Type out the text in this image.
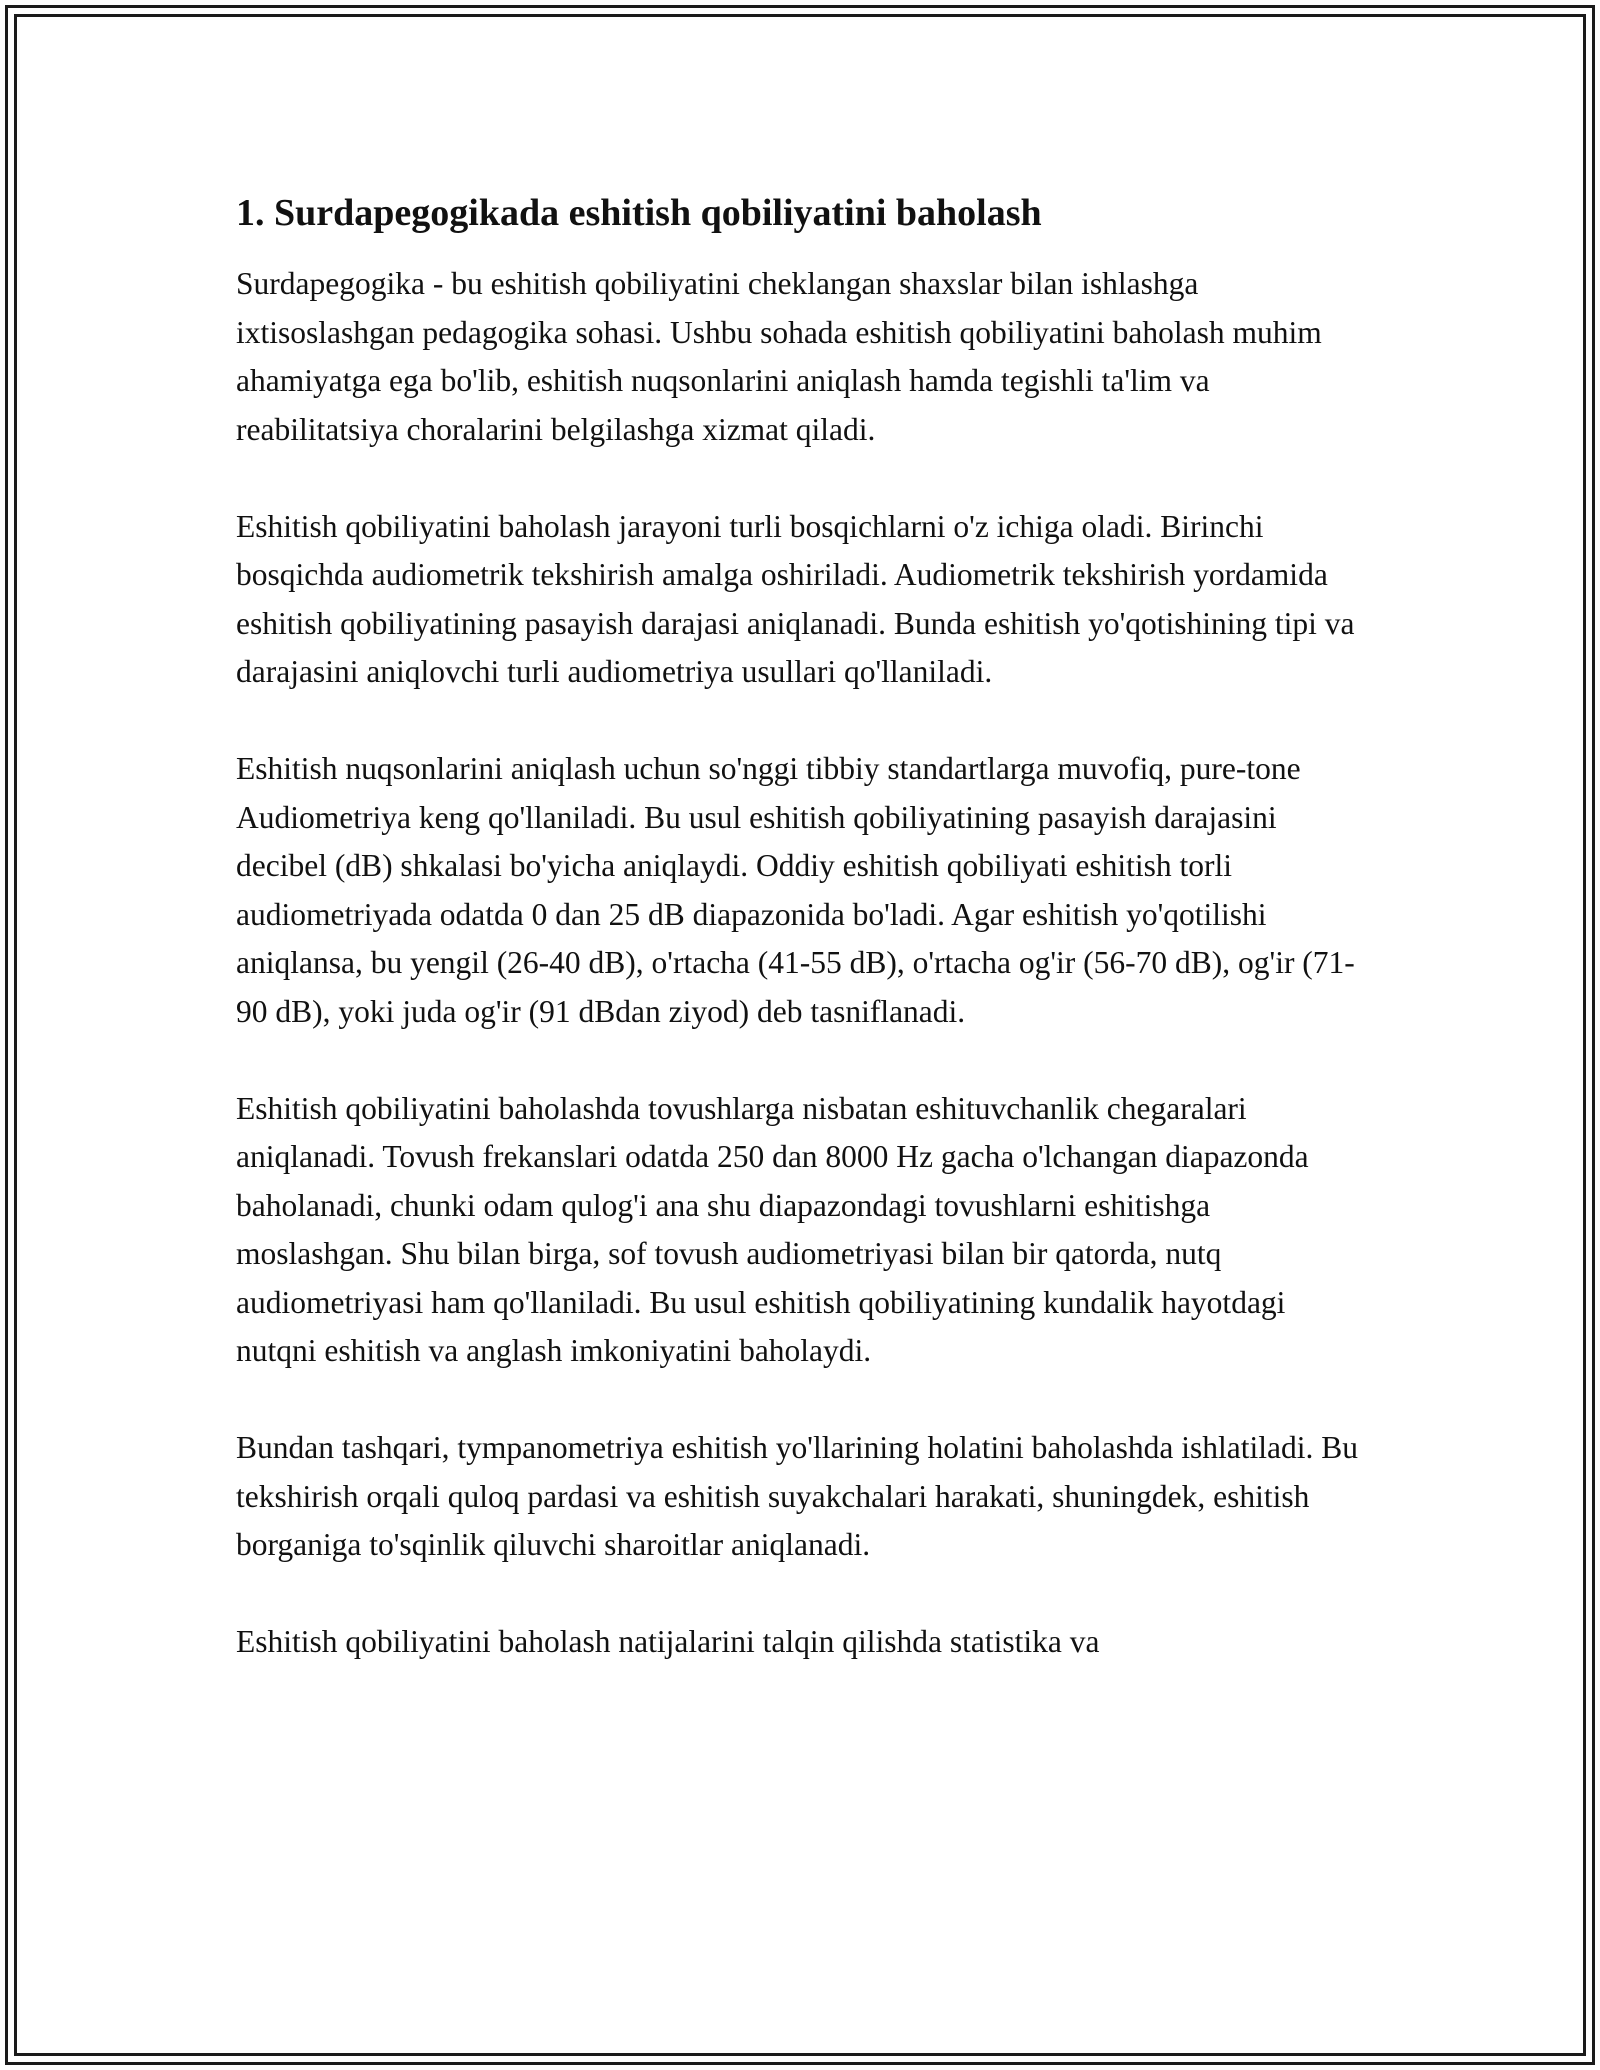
1. Surdapegogikada eshitish qobiliyatini baholash

Surdapegogika - bu eshitish qobiliyatini cheklangan shaxslar bilan ishlashga ixtisoslashgan pedagogika sohasi. Ushbu sohada eshitish qobiliyatini baholash muhim ahamiyatga ega bo'lib, eshitish nuqsonlarini aniqlash hamda tegishli ta'lim va reabilitatsiya choralarini belgilashga xizmat qiladi.

Eshitish qobiliyatini baholash jarayoni turli bosqichlarni o'z ichiga oladi. Birinchi bosqichda audiometrik tekshirish amalga oshiriladi. Audiometrik tekshirish yordamida eshitish qobiliyatining pasayish darajasi aniqlanadi. Bunda eshitish yo'qotishining tipi va darajasini aniqlovchi turli audiometriya usullari qo'llaniladi.

Eshitish nuqsonlarini aniqlash uchun so'nggi tibbiy standartlarga muvofiq, pure-tone Audiometriya keng qo'llaniladi. Bu usul eshitish qobiliyatining pasayish darajasini decibel (dB) shkalasi bo'yicha aniqlaydi. Oddiy eshitish qobiliyati eshitish torli audiometriyada odatda 0 dan 25 dB diapazonida bo'ladi. Agar eshitish yo'qotilishi aniqlansa, bu yengil (26-40 dB), o'rtacha (41-55 dB), o'rtacha og'ir (56-70 dB), og'ir (71-90 dB), yoki juda og'ir (91 dBdan ziyod) deb tasniflanadi.

Eshitish qobiliyatini baholashda tovushlarga nisbatan eshituvchanlik chegaralari aniqlanadi. Tovush frekanslari odatda 250 dan 8000 Hz gacha o'lchangan diapazonda baholanadi, chunki odam qulog'i ana shu diapazondagi tovushlarni eshitishga moslashgan. Shu bilan birga, sof tovush audiometriyasi bilan bir qatorda, nutq audiometriyasi ham qo'llaniladi. Bu usul eshitish qobiliyatining kundalik hayotdagi nutqni eshitish va anglash imkoniyatini baholaydi.

Bundan tashqari, tympanometriya eshitish yo'llarining holatini baholashda ishlatiladi. Bu tekshirish orqali quloq pardasi va eshitish suyakchalari harakati, shuningdek, eshitish borganiga to'sqinlik qiluvchi sharoitlar aniqlanadi.

Eshitish qobiliyatini baholash natijalarini talqin qilishda statistika va
